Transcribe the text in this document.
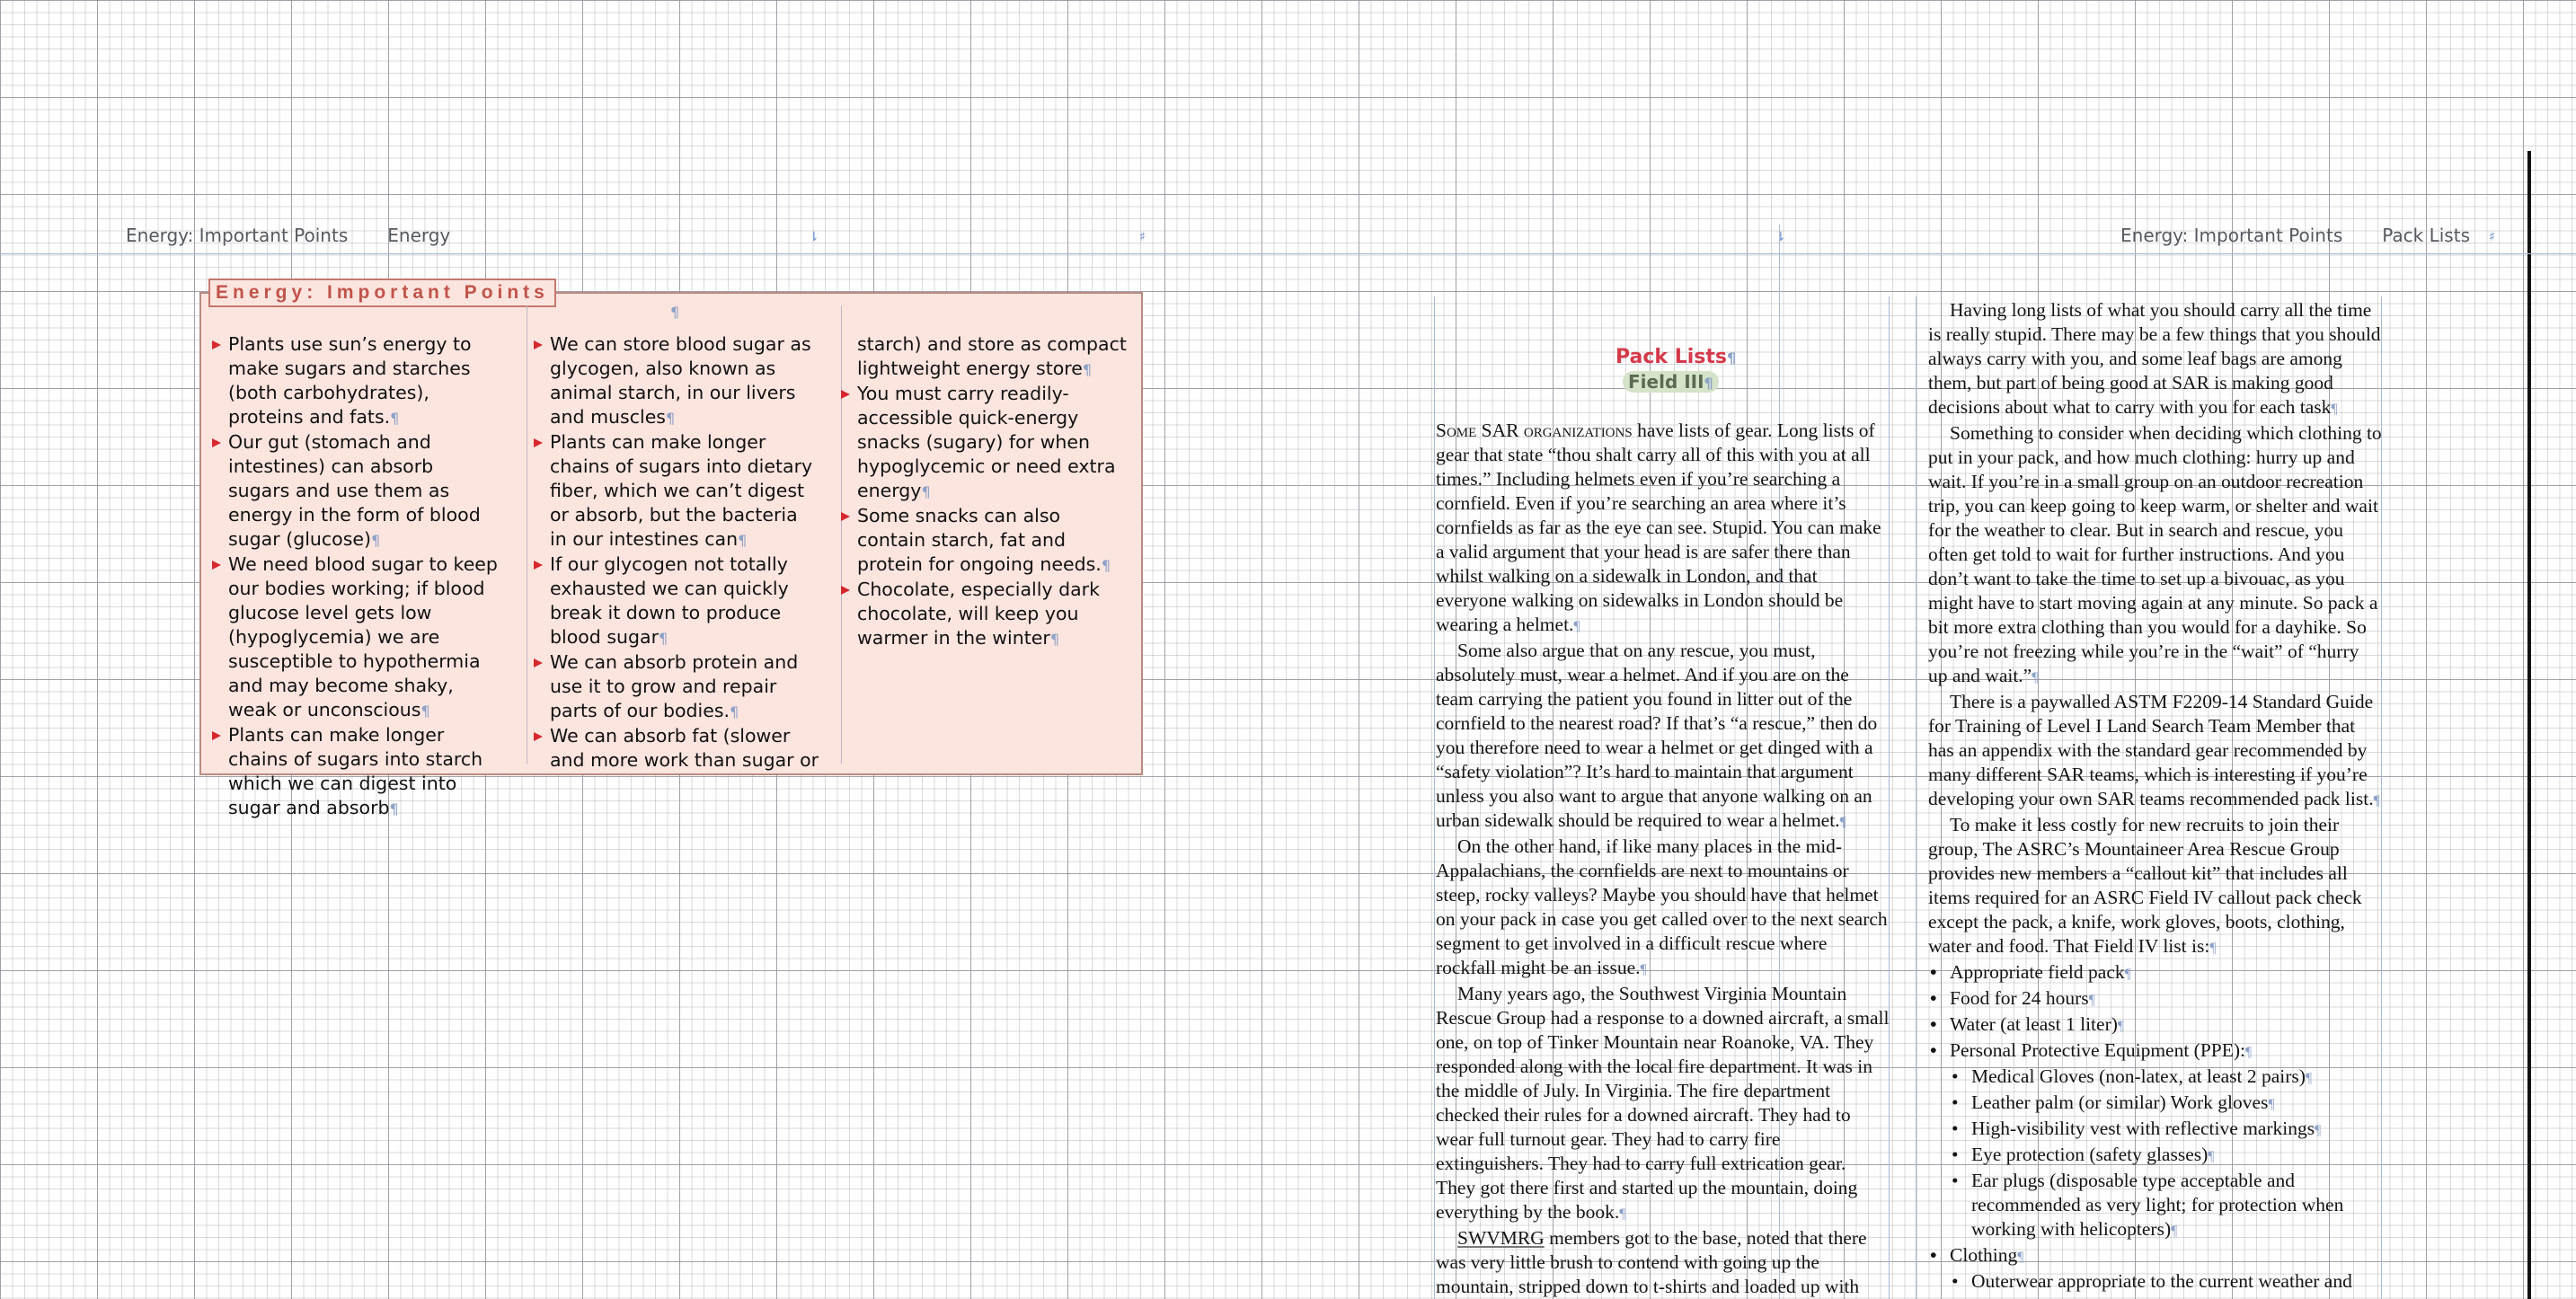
Energy: Important Points Energy	⇂	♯	⇂	Energy: Important Points Pack Lists ♯
Energy: Important Points
¶
Plants use sun’s energy to make sugars and starches (both carbohydrates), proteins and fats.¶
Our gut (stomach and intestines) can absorb sugars and use them as energy in the form of blood sugar (glucose)¶
We need blood sugar to keep our bodies working; if blood glucose level gets low (hypoglycemia) we are susceptible to hypothermia and may become shaky, weak or unconscious¶
Plants can make longer chains of sugars into starch which we can digest into sugar and absorb¶
We can store blood sugar as glycogen, also known as animal starch, in our livers and muscles¶
Plants can make longer chains of sugars into dietary fiber, which we can’t digest or absorb, but the bacteria in our intestines can¶
If our glycogen not totally exhausted we can quickly break it down to produce blood sugar¶
We can absorb protein and use it to grow and repair parts of our bodies.¶
We can absorb fat (slower and more work than sugar or
starch) and store as compact lightweight energy store¶
You must carry readily-accessible quick-energy snacks (sugary) for when hypoglycemic or need extra energy¶
Some snacks can also contain starch, fat and protein for ongoing needs.¶
Chocolate, especially dark chocolate, will keep you warmer in the winter¶
Pack Lists¶
Field III¶

Some SAR organizations have lists of gear. Long lists of gear that state “thou shalt carry all of this with you at all times.” Including helmets even if you’re searching a cornfield. Even if you’re searching an area where it’s cornfields as far as the eye can see. Stupid. You can make a valid argument that your head is are safer there than whilst walking on a sidewalk in London, and that everyone walking on sidewalks in London should be wearing a helmet.¶

Some also argue that on any rescue, you must, absolutely must, wear a helmet. And if you are on the team carrying the patient you found in litter out of the cornfield to the nearest road? If that’s “a rescue,” then do you therefore need to wear a helmet or get dinged with a “safety violation”? It’s hard to maintain that argument unless you also want to argue that anyone walking on an urban sidewalk should be required to wear a helmet.¶

On the other hand, if like many places in the mid-Appalachians, the cornfields are next to mountains or steep, rocky valleys? Maybe you should have that helmet on your pack in case you get called over to the next search segment to get involved in a difficult rescue where rockfall might be an issue.¶

Many years ago, the Southwest Virginia Mountain Rescue Group had a response to a downed aircraft, a small one, on top of Tinker Mountain near Roanoke, VA. They responded along with the local fire department. It was in the middle of July. In Virginia. The fire department checked their rules for a downed aircraft. They had to wear full turnout gear. They had to carry fire extinguishers. They had to carry full extrication gear. They got there first and started up the mountain, doing everything by the book.¶

SWVMRG members got to the base, noted that there was very little brush to contend with going up the mountain, stripped down to t-shirts and loaded up with

Having long lists of what you should carry all the time is really stupid. There may be a few things that you should always carry with you, and some leaf bags are among them, but part of being good at SAR is making good decisions about what to carry with you for each task¶

Something to consider when deciding which clothing to put in your pack, and how much clothing: hurry up and wait. If you’re in a small group on an outdoor recreation trip, you can keep going to keep warm, or shelter and wait for the weather to clear. But in search and rescue, you often get told to wait for further instructions. And you don’t want to take the time to set up a bivouac, as you might have to start moving again at any minute. So pack a bit more extra clothing than you would for a dayhike. So you’re not freezing while you’re in the “wait” of “hurry up and wait.”¶

There is a paywalled ASTM F2209-14 Standard Guide for Training of Level I Land Search Team Member that has an appendix with the standard gear recommended by many different SAR teams, which is interesting if you’re developing your own SAR teams recommended pack list.¶

To make it less costly for new recruits to join their group, The ASRC’s Mountaineer Area Rescue Group provides new members a “callout kit” that includes all items required for an ASRC Field IV callout pack check except the pack, a knife, work gloves, boots, clothing, water and food. That Field IV list is:¶

• Appropriate field pack¶
• Food for 24 hours¶
• Water (at least 1 liter)¶
• Personal Protective Equipment (PPE):¶
• Medical Gloves (non-latex, at least 2 pairs)¶
• Leather palm (or similar) Work gloves¶
• High-visibility vest with reflective markings¶
• Eye protection (safety glasses)¶
• Ear plugs (disposable type acceptable and recommended as very light; for protection when working with helicopters)¶
• Clothing¶
• Outerwear appropriate to the current weather and
